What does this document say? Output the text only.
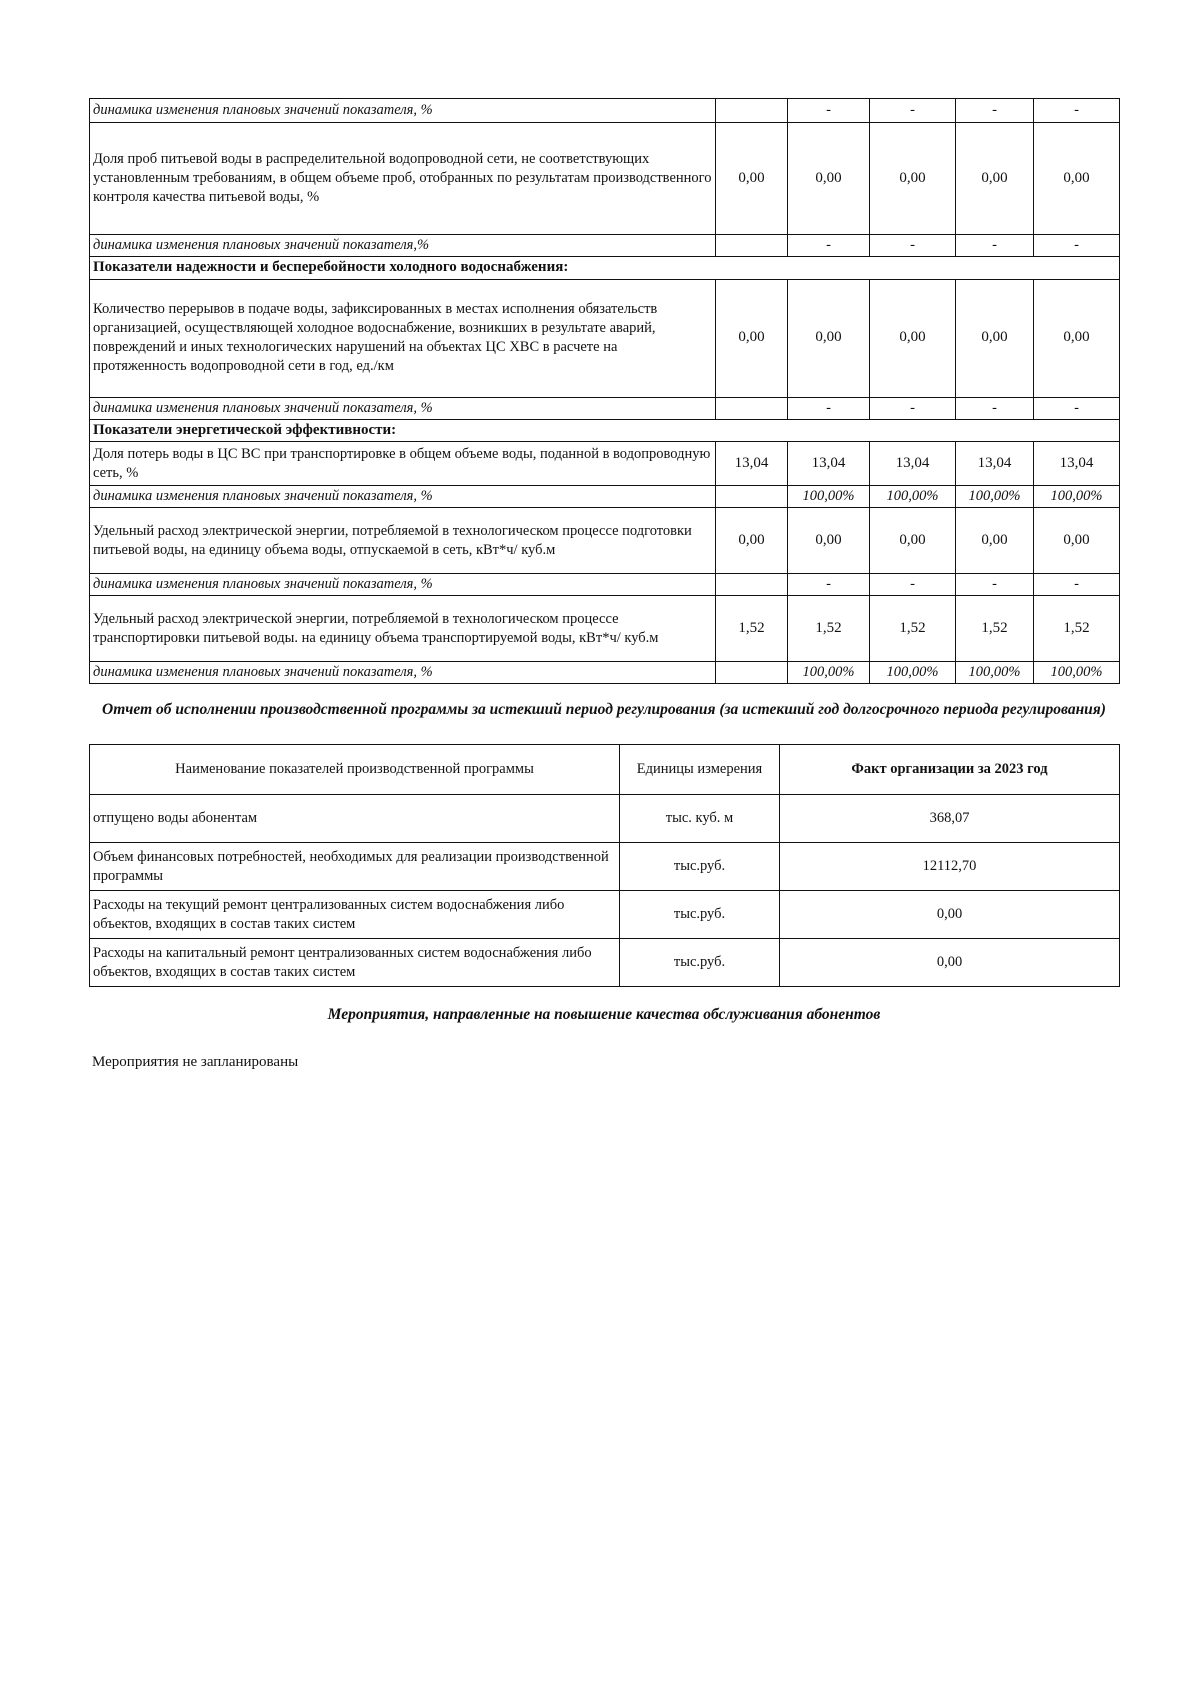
динамика изменения плановых значений показателя, %		-	-	-	-
Доля проб питьевой воды в распределительной водопроводной сети, не соответствующих установленным требованиям, в общем объеме проб, отобранных по результатам производственного контроля качества питьевой воды, %	0,00	0,00	0,00	0,00	0,00
динамика изменения плановых значений показателя,%		-	-	-	-
Показатели надежности и бесперебойности холодного водоснабжения:					
Количество перерывов в подаче воды, зафиксированных в местах исполнения обязательств организацией, осуществляющей холодное водоснабжение, возникших в результате аварий, повреждений и иных технологических нарушений на объектах ЦС ХВС в расчете на протяженность водопроводной сети в год, ед./км	0,00	0,00	0,00	0,00	0,00
динамика изменения плановых значений показателя, %		-	-	-	-
Показатели энергетической эффективности:					
Доля потерь воды в ЦС ВС при транспортировке в общем объеме воды, поданной в водопроводную сеть, %	13,04	13,04	13,04	13,04	13,04
динамика изменения плановых значений показателя, %		100,00%	100,00%	100,00%	100,00%
Удельный расход электрической энергии, потребляемой в технологическом процессе подготовки питьевой воды, на единицу объема воды, отпускаемой в сеть, кВт*ч/ куб.м	0,00	0,00	0,00	0,00	0,00
динамика изменения плановых значений показателя, %		-	-	-	-
Удельный расход электрической энергии, потребляемой в технологическом процессе транспортировки питьевой воды. на единицу объема транспортируемой воды, кВт*ч/ куб.м	1,52	1,52	1,52	1,52	1,52
динамика изменения плановых значений показателя, %		100,00%	100,00%	100,00%	100,00%
Отчет об исполнении производственной программы за истекший период регулирования (за истекший год долгосрочного периода регулирования)
Наименование показателей производственной программы	Единицы измерения	Факт организации за 2023 год
отпущено воды абонентам	тыс. куб. м	368,07
Объем финансовых потребностей, необходимых для реализации производственной программы	тыс.руб.	12112,70
Расходы на текущий ремонт централизованных систем водоснабжения либо объектов, входящих в состав таких систем	тыс.руб.	0,00
Расходы на капитальный ремонт централизованных систем водоснабжения либо объектов, входящих в состав таких систем	тыс.руб.	0,00
Мероприятия, направленные на повышение качества обслуживания абонентов
Мероприятия не запланированы
